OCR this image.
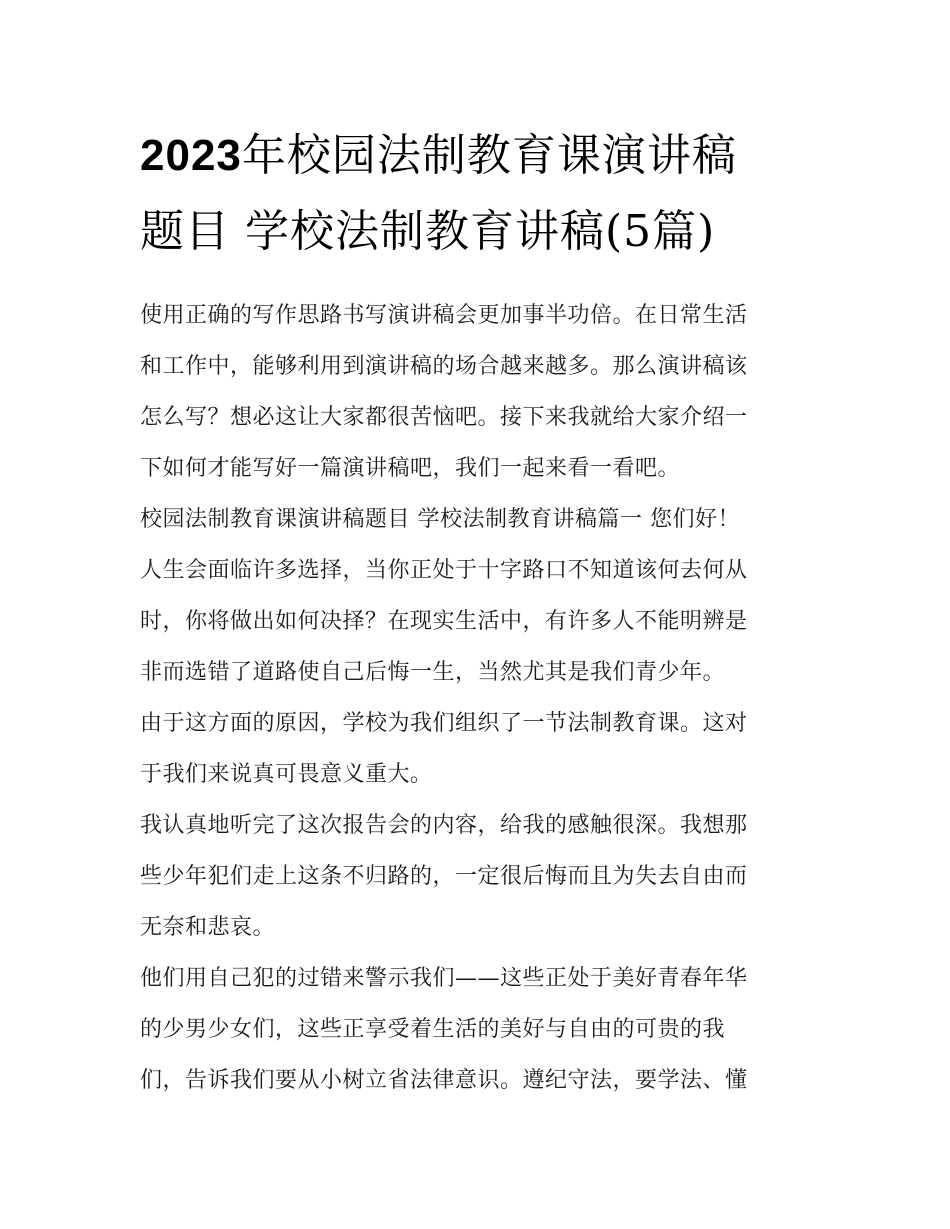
2023年校园法制教育课演讲稿
题目 学校法制教育讲稿(5篇)
使用正确的写作思路书写演讲稿会更加事半功倍。在日常生活
和工作中，能够利用到演讲稿的场合越来越多。那么演讲稿该
怎么写？想必这让大家都很苦恼吧。接下来我就给大家介绍一
下如何才能写好一篇演讲稿吧，我们一起来看一看吧。
校园法制教育课演讲稿题目 学校法制教育讲稿篇一 您们好！
人生会面临许多选择，当你正处于十字路口不知道该何去何从
时，你将做出如何决择？在现实生活中，有许多人不能明辨是
非而选错了道路使自己后悔一生，当然尤其是我们青少年。
由于这方面的原因，学校为我们组织了一节法制教育课。这对
于我们来说真可畏意义重大。
我认真地听完了这次报告会的内容，给我的感触很深。我想那
些少年犯们走上这条不归路的，一定很后悔而且为失去自由而
无奈和悲哀。
他们用自己犯的过错来警示我们——这些正处于美好青春年华
的少男少女们，这些正享受着生活的美好与自由的可贵的我
们，告诉我们要从小树立省法律意识。遵纪守法，要学法、懂
